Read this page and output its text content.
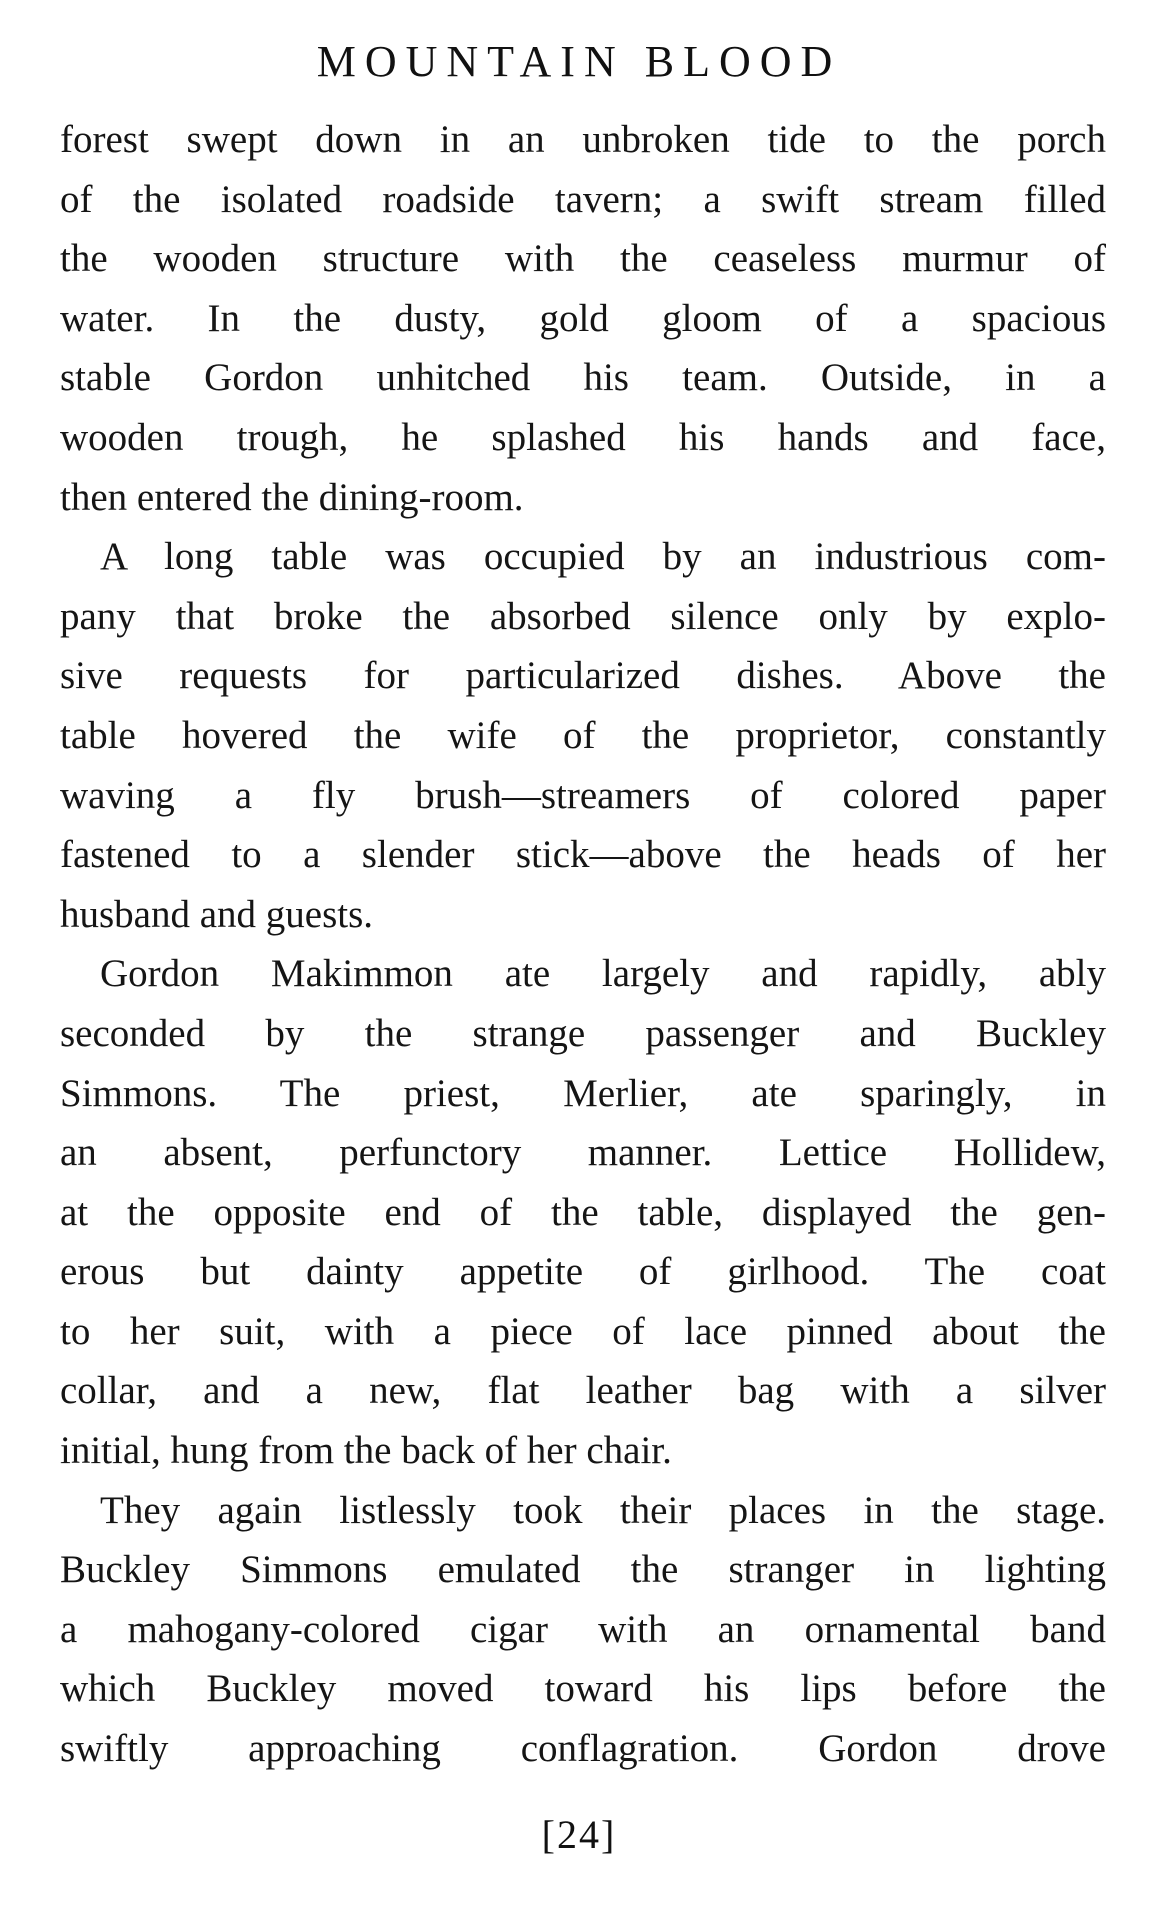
MOUNTAIN BLOOD
forest swept down in an unbroken tide to the porch
of the isolated roadside tavern; a swift stream filled
the wooden structure with the ceaseless murmur of
water. In the dusty, gold gloom of a spacious
stable Gordon unhitched his team. Outside, in a
wooden trough, he splashed his hands and face,
then entered the dining-room.
A long table was occupied by an industrious com-
pany that broke the absorbed silence only by explo-
sive requests for particularized dishes. Above the
table hovered the wife of the proprietor, constantly
waving a fly brush—streamers of colored paper
fastened to a slender stick—above the heads of her
husband and guests.
Gordon Makimmon ate largely and rapidly, ably
seconded by the strange passenger and Buckley
Simmons. The priest, Merlier, ate sparingly, in
an absent, perfunctory manner. Lettice Hollidew,
at the opposite end of the table, displayed the gen-
erous but dainty appetite of girlhood. The coat
to her suit, with a piece of lace pinned about the
collar, and a new, flat leather bag with a silver
initial, hung from the back of her chair.
They again listlessly took their places in the stage.
Buckley Simmons emulated the stranger in lighting
a mahogany-colored cigar with an ornamental band
which Buckley moved toward his lips before the
swiftly approaching conflagration. Gordon drove
[24]
